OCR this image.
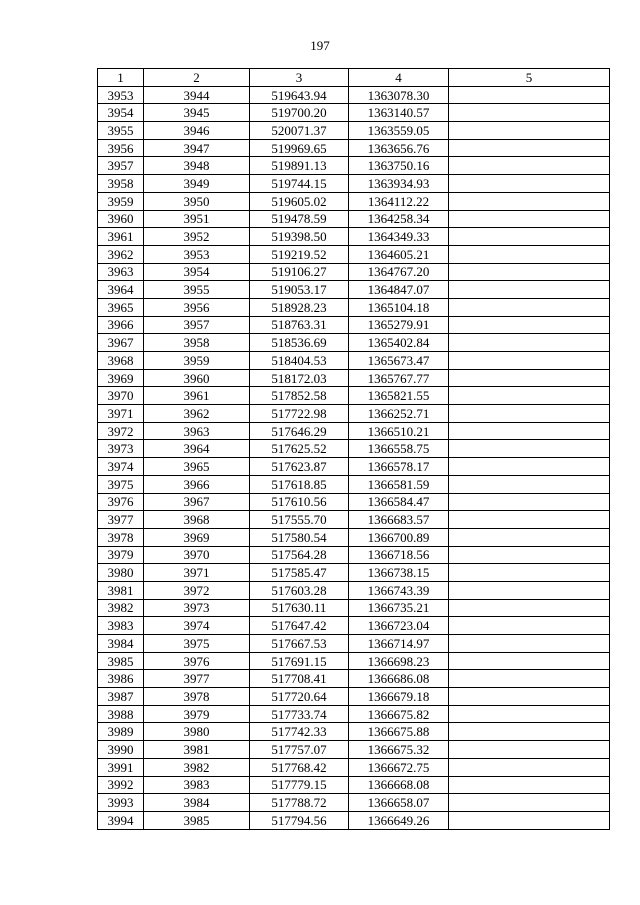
197
1	2	3	4	5
3953	3944	519643.94	1363078.30	
3954	3945	519700.20	1363140.57	
3955	3946	520071.37	1363559.05	
3956	3947	519969.65	1363656.76	
3957	3948	519891.13	1363750.16	
3958	3949	519744.15	1363934.93	
3959	3950	519605.02	1364112.22	
3960	3951	519478.59	1364258.34	
3961	3952	519398.50	1364349.33	
3962	3953	519219.52	1364605.21	
3963	3954	519106.27	1364767.20	
3964	3955	519053.17	1364847.07	
3965	3956	518928.23	1365104.18	
3966	3957	518763.31	1365279.91	
3967	3958	518536.69	1365402.84	
3968	3959	518404.53	1365673.47	
3969	3960	518172.03	1365767.77	
3970	3961	517852.58	1365821.55	
3971	3962	517722.98	1366252.71	
3972	3963	517646.29	1366510.21	
3973	3964	517625.52	1366558.75	
3974	3965	517623.87	1366578.17	
3975	3966	517618.85	1366581.59	
3976	3967	517610.56	1366584.47	
3977	3968	517555.70	1366683.57	
3978	3969	517580.54	1366700.89	
3979	3970	517564.28	1366718.56	
3980	3971	517585.47	1366738.15	
3981	3972	517603.28	1366743.39	
3982	3973	517630.11	1366735.21	
3983	3974	517647.42	1366723.04	
3984	3975	517667.53	1366714.97	
3985	3976	517691.15	1366698.23	
3986	3977	517708.41	1366686.08	
3987	3978	517720.64	1366679.18	
3988	3979	517733.74	1366675.82	
3989	3980	517742.33	1366675.88	
3990	3981	517757.07	1366675.32	
3991	3982	517768.42	1366672.75	
3992	3983	517779.15	1366668.08	
3993	3984	517788.72	1366658.07	
3994	3985	517794.56	1366649.26	
